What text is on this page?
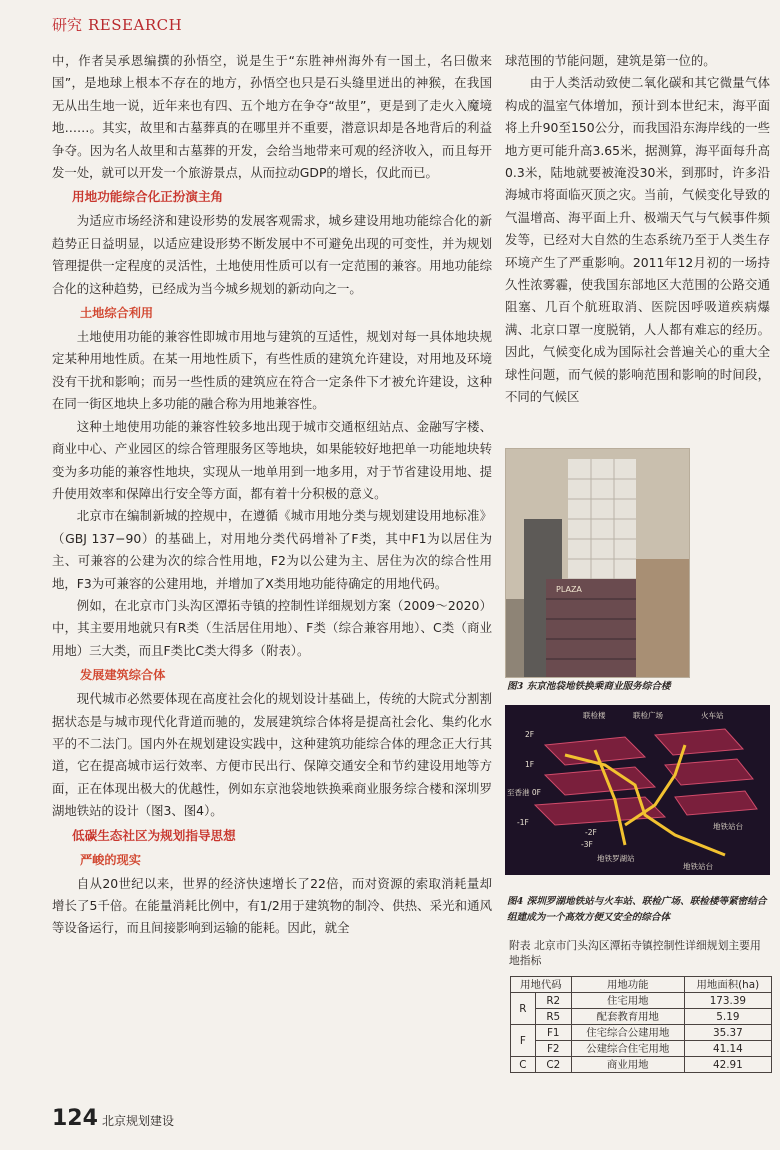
研究 RESEARCH

中，作者吴承恩编撰的孙悟空，说是生于“东胜神州海外有一国土，名曰傲来国”，是地球上根本不存在的地方，孙悟空也只是石头缝里迸出的神猴，在我国无从出生地一说，近年来也有四、五个地方在争夺“故里”，更是到了走火入魔境地……。其实，故里和古墓葬真的在哪里并不重要，潜意识却是各地背后的利益争夺。因为名人故里和古墓葬的开发，会给当地带来可观的经济收入，而且每开发一处，就可以开发一个旅游景点，从而拉动GDP的增长，仅此而已。

用地功能综合化正扮演主角

为适应市场经济和建设形势的发展客观需求，城乡建设用地功能综合化的新趋势正日益明显，以适应建设形势不断发展中不可避免出现的可变性，并为规划管理提供一定程度的灵活性，土地使用性质可以有一定范围的兼容。用地功能综合化的这种趋势，已经成为当今城乡规划的新动向之一。

土地综合利用

土地使用功能的兼容性即城市用地与建筑的互适性，规划对每一具体地块规定某种用地性质。在某一用地性质下，有些性质的建筑允许建设，对用地及环境没有干扰和影响；而另一些性质的建筑应在符合一定条件下才被允许建设，这种在同一街区地块上多功能的融合称为用地兼容性。

这种土地使用功能的兼容性较多地出现于城市交通枢纽站点、金融写字楼、商业中心、产业园区的综合管理服务区等地块，如果能较好地把单一功能地块转变为多功能的兼容性地块，实现从一地单用到一地多用，对于节省建设用地、提升使用效率和保障出行安全等方面，都有着十分积极的意义。

北京市在编制新城的控规中，在遵循《城市用地分类与规划建设用地标准》（GBJ 137−90）的基础上，对用地分类代码增补了F类，其中F1为以居住为主、可兼容的公建为次的综合性用地，F2为以公建为主、居住为次的综合性用地，F3为可兼容的公建用地，并增加了X类用地功能待确定的用地代码。

例如，在北京市门头沟区潭拓寺镇的控制性详细规划方案（2009～2020）中，其主要用地就只有R类（生活居住用地）、F类（综合兼容用地）、C类（商业用地）三大类，而且F类比C类大得多（附表）。

发展建筑综合体

现代城市必然要体现在高度社会化的规划设计基础上，传统的大院式分割割据状态是与城市现代化背道而驰的，发展建筑综合体将是提高社会化、集约化水平的不二法门。国内外在规划建设实践中，这种建筑功能综合体的理念正大行其道，它在提高城市运行效率、方便市民出行、保障交通安全和节约建设用地等方面，正在体现出极大的优越性，例如东京池袋地铁换乘商业服务综合楼和深圳罗湖地铁站的设计（图3、图4）。

低碳生态社区为规划指导思想
严峻的现实

自从20世纪以来，世界的经济快速增长了22倍，而对资源的索取消耗量却增长了5千倍。在能量消耗比例中，有1/2用于建筑物的制冷、供热、采光和通风等设备运行，而且间接影响到运输的能耗。因此，就全

球范围的节能问题，建筑是第一位的。

由于人类活动致使二氧化碳和其它微量气体构成的温室气体增加，预计到本世纪末，海平面将上升90至150公分，而我国沿东海岸线的一些地方更可能升高3.65米，据测算，海平面每升高0.3米，陆地就要被淹没30米，到那时，许多沿海城市将面临灭顶之灾。当前，气候变化导致的气温增高、海平面上升、极端天气与气候事件频发等，已经对大自然的生态系统乃至于人类生存环境产生了严重影响。2011年12月初的一场持久性浓雾霾，使我国东部地区大范围的公路交通阻塞、几百个航班取消、医院因呼吸道疾病爆满、北京口罩一度脱销，人人都有难忘的经历。因此，气候变化成为国际社会普遍关心的重大全球性问题，而气候的影响范围和影响的时间段，不同的气候区

PLAZA
图3 东京池袋地铁换乘商业服务综合楼
联检楼	联检广场	火车站
2F
1F
至香港 0F
-1F
-2F
-3F
地铁站台
地铁罗湖站
地铁站台
图4 深圳罗湖地铁站与火车站、联检广场、联检楼等紧密结合组建成为一个高效方便又安全的综合体
附表 北京市门头沟区潭拓寺镇控制性详细规划主要用地指标
用地代码		用地功能	用地面积(ha)
R	R2	住宅用地	173.39
	R5	配套教育用地	5.19
F	F1	住宅综合公建用地	35.37
	F2	公建综合住宅用地	41.14
C	C2	商业用地	42.91
124 北京规划建设
